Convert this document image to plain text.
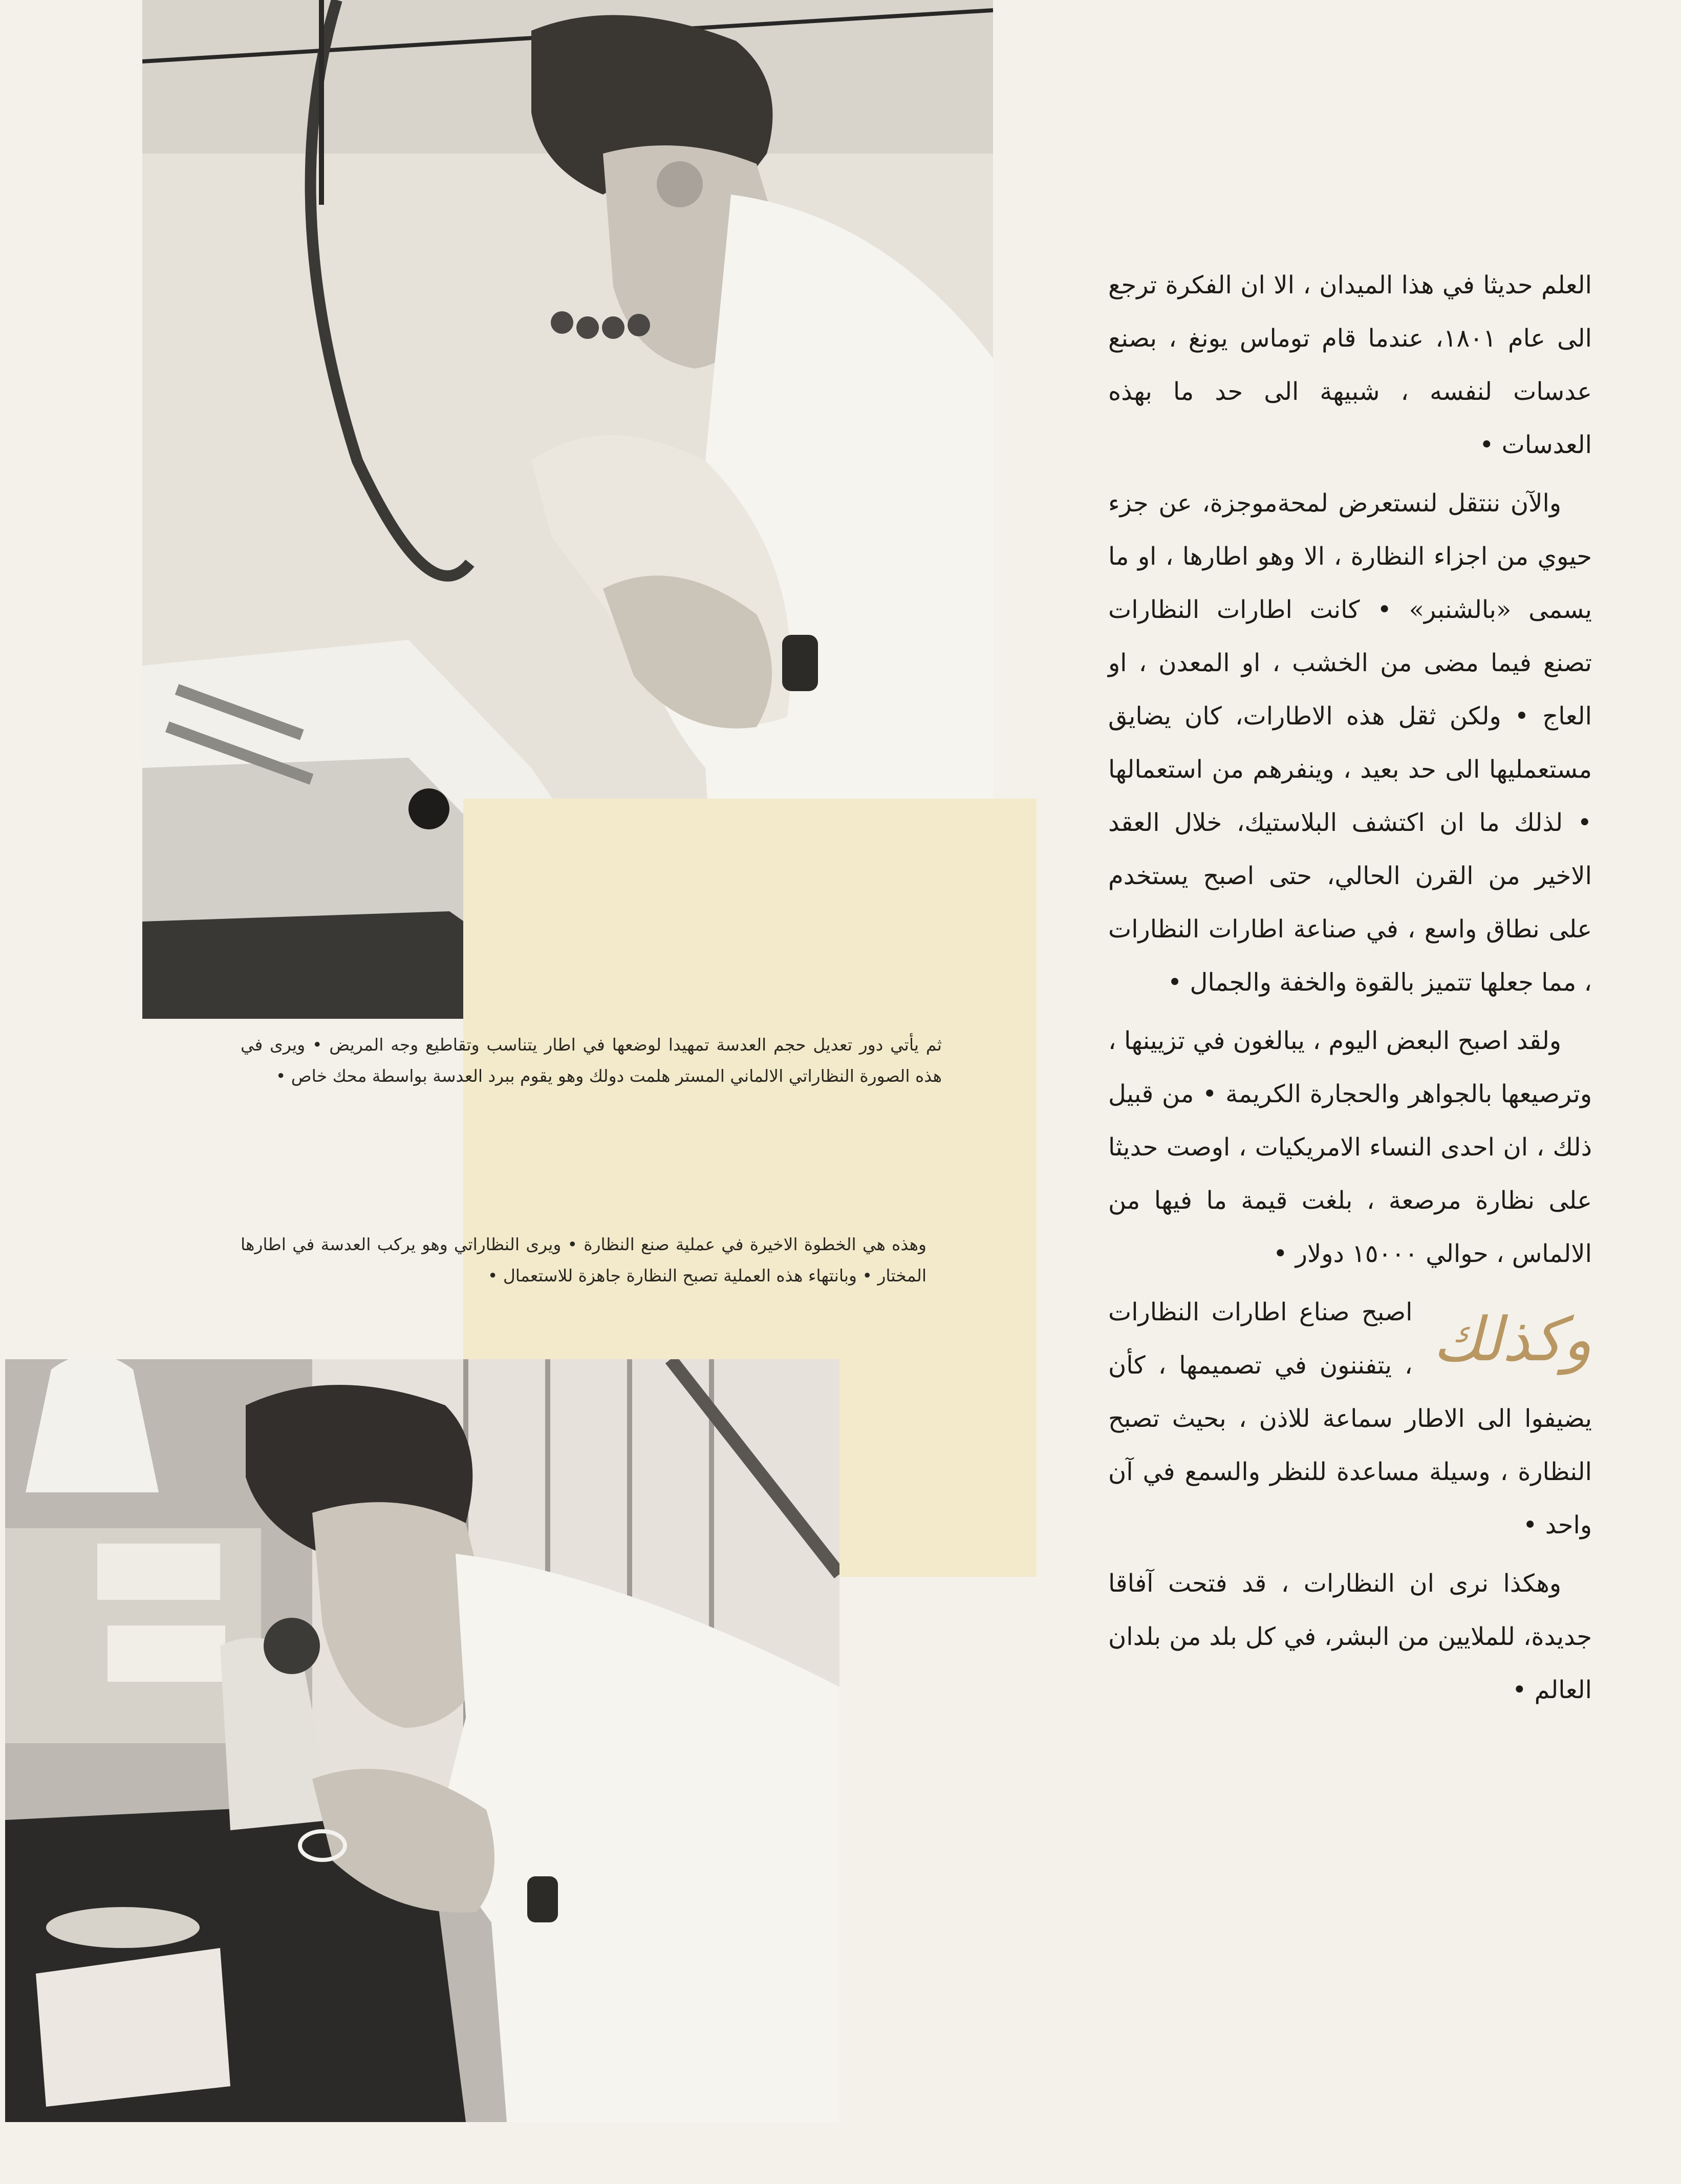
ثم يأتي دور تعديل حجم العدسة تمهيدا لوضعها في اطار يتناسب وتقاطيع وجه المريض • ويرى في هذه الصورة النظاراتي الالماني المستر هلمت دولك وهو يقوم ببرد العدسة بواسطة محك خاص •
وهذه هي الخطوة الاخيرة في عملية صنع النظارة • ويرى النظاراتي وهو يركب العدسة في اطارها المختار • وبانتهاء هذه العملية تصبح النظارة جاهزة للاستعمال •

العلم حديثا في هذا الميدان ، الا ان الفكرة ترجع الى عام ١٨٠١، عندما قام توماس يونغ ، بصنع عدسات لنفسه ، شبيهة الى حد ما بهذه العدسات •

والآن ننتقل لنستعرض لمحةموجزة، عن جزء حيوي من اجزاء النظارة ، الا وهو اطارها ، او ما يسمى «بالشنبر» • كانت اطارات النظارات تصنع فيما مضى من الخشب ، او المعدن ، او العاج • ولكن ثقل هذه الاطارات، كان يضايق مستعمليها الى حد بعيد ، وينفرهم من استعمالها • لذلك ما ان اكتشف البلاستيك، خلال العقد الاخير من القرن الحالي، حتى اصبح يستخدم على نطاق واسع ، في صناعة اطارات النظارات ، مما جعلها تتميز بالقوة والخفة والجمال •

ولقد اصبح البعض اليوم ، يبالغون في تزيينها ، وترصيعها بالجواهر والحجارة الكريمة • من قبيل ذلك ، ان احدى النساء الامريكيات ، اوصت حديثا على نظارة مرصعة ، بلغت قيمة ما فيها من الالماس ، حوالي ١٥٠٠٠ دولار •

وكذلك

اصبح صناع اطارات النظارات ، يتفننون في تصميمها ، كأن يضيفوا الى الاطار سماعة للاذن ، بحيث تصبح النظارة ، وسيلة مساعدة للنظر والسمع في آن واحد •

وهكذا نرى ان النظارات ، قد فتحت آفاقا جديدة، للملايين من البشر، في كل بلد من بلدان العالم •
